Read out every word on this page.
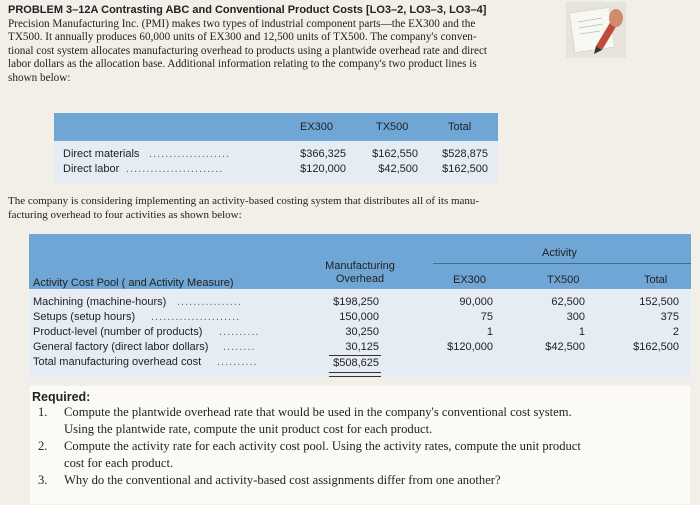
PROBLEM 3–12A Contrasting ABC and Conventional Product Costs [LO3–2, LO3–3, LO3–4]
Precision Manufacturing Inc. (PMI) makes two types of industrial component parts—the EX300 and the
TX500. It annually produces 60,000 units of EX300 and 12,500 units of TX500. The company's conven-
tional cost system allocates manufacturing overhead to products using a plantwide overhead rate and direct
labor dollars as the allocation base. Additional information relating to the company's two product lines is
shown below:
EX300	TX500	Total
Direct materials ....................	$366,325	$162,550	$528,875
Direct labor ........................	$120,000	$42,500	$162,500
The company is considering implementing an activity-based costing system that distributes all of its manu-
facturing overhead to four activities as shown below:
Activity
Activity Cost Pool ( and Activity Measure)
Manufacturing
Overhead	EX300	TX500	Total
Machining (machine-hours) ................	$198,250	90,000	62,500	152,500
Setups (setup hours) ......................	150,000	75	300	375
Product-level (number of products) ..........	30,250	1	1	2
General factory (direct labor dollars) ........	30,125	$120,000	$42,500	$162,500
Total manufacturing overhead cost ..........	$508,625
Required:
1. Compute the plantwide overhead rate that would be used in the company's conventional cost system.
Using the plantwide rate, compute the unit product cost for each product.
2. Compute the activity rate for each activity cost pool. Using the activity rates, compute the unit product
cost for each product.
3. Why do the conventional and activity-based cost assignments differ from one another?
